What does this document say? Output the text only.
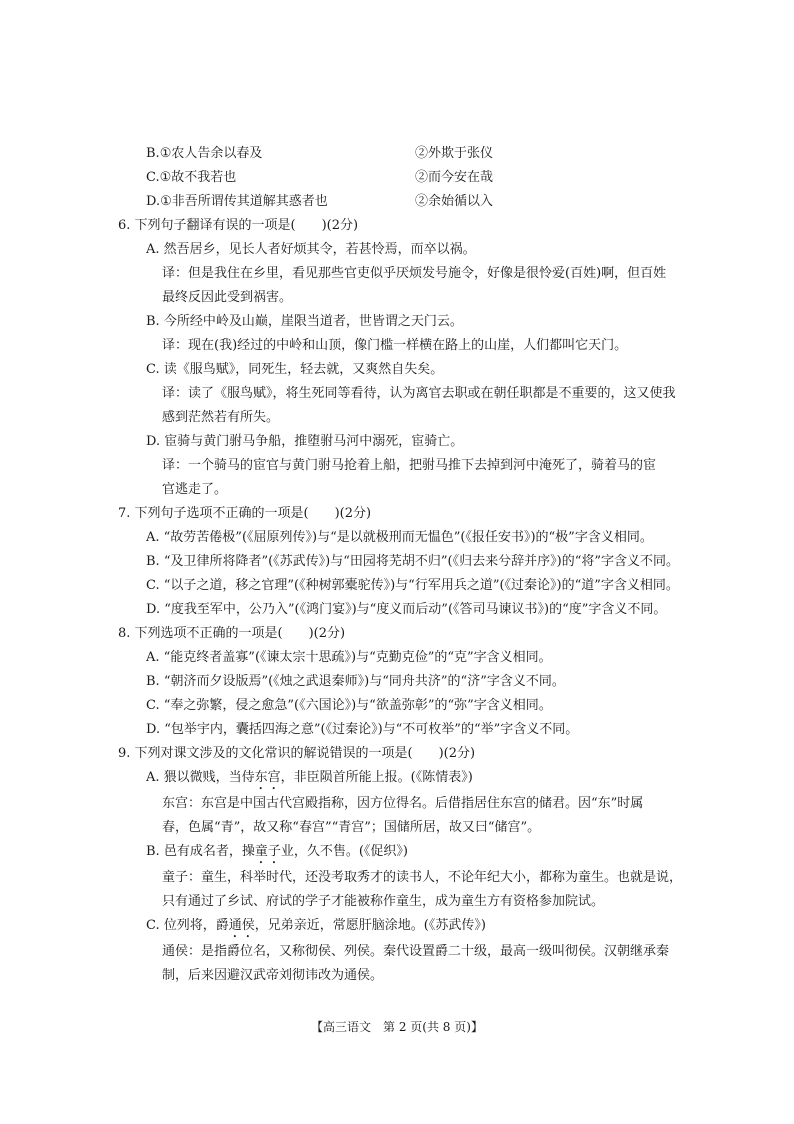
B.①农人告余以春及	②外欺于张仪
C.①故不我若也	②而今安在哉
D.①非吾所谓传其道解其惑者也	②余始循以入
6. 下列句子翻译有误的一项是(　　)(2分)
A. 然吾居乡，见长人者好烦其令，若甚怜焉，而卒以祸。
译：但是我住在乡里，看见那些官吏似乎厌烦发号施令，好像是很怜爱(百姓)啊，但百姓
最终反因此受到祸害。
B. 今所经中岭及山巅，崖限当道者，世皆谓之天门云。
译：现在(我)经过的中岭和山顶，像门槛一样横在路上的山崖，人们都叫它天门。
C. 读《服鸟赋》，同死生，轻去就，又爽然自失矣。
译：读了《服鸟赋》，将生死同等看待，认为离官去职或在朝任职都是不重要的，这又使我
感到茫然若有所失。
D. 宦骑与黄门驸马争船，推堕驸马河中溺死，宦骑亡。
译：一个骑马的宦官与黄门驸马抢着上船，把驸马推下去掉到河中淹死了，骑着马的宦
官逃走了。
7. 下列句子选项不正确的一项是(　　)(2分)
A. “故劳苦倦极”(《屈原列传》)与“是以就极刑而无愠色”(《报任安书》)的“极”字含义相同。
B. “及卫律所将降者”(《苏武传》)与“田园将芜胡不归”(《归去来兮辞并序》)的“将”字含义不同。
C. “以子之道，移之官理”(《种树郭橐驼传》)与“行军用兵之道”(《过秦论》)的“道”字含义相同。
D. “度我至军中，公乃入”(《鸿门宴》)与“度义而后动”(《答司马谏议书》)的“度”字含义不同。
8. 下列选项不正确的一项是(　　)(2分)
A. “能克终者盖寡”(《谏太宗十思疏》)与“克勤克俭”的“克”字含义相同。
B. “朝济而夕设版焉”(《烛之武退秦师》)与“同舟共济”的“济”字含义不同。
C. “奉之弥繁，侵之愈急”(《六国论》)与“欲盖弥彰”的“弥”字含义相同。
D. “包举宇内，囊括四海之意”(《过秦论》)与“不可枚举”的“举”字含义不同。
9. 下列对课文涉及的文化常识的解说错误的一项是(　　)(2分)
A. 猥以微贱，当侍东宫，非臣陨首所能上报。(《陈情表》)
东宫：东宫是中国古代宫殿指称，因方位得名。后借指居住东宫的储君。因“东”时属
春，色属“青”，故又称“春宫”“青宫”；国储所居，故又曰“储宫”。
B. 邑有成名者，操童子业，久不售。(《促织》)
童子：童生，科举时代，还没考取秀才的读书人，不论年纪大小，都称为童生。也就是说，
只有通过了乡试、府试的学子才能被称作童生，成为童生方有资格参加院试。
C. 位列将，爵通侯，兄弟亲近，常愿肝脑涂地。(《苏武传》)
通侯：是指爵位名，又称彻侯、列侯。秦代设置爵二十级，最高一级叫彻侯。汉朝继承秦
制，后来因避汉武帝刘彻讳改为通侯。
【高三语文　第 2 页(共 8 页)】
